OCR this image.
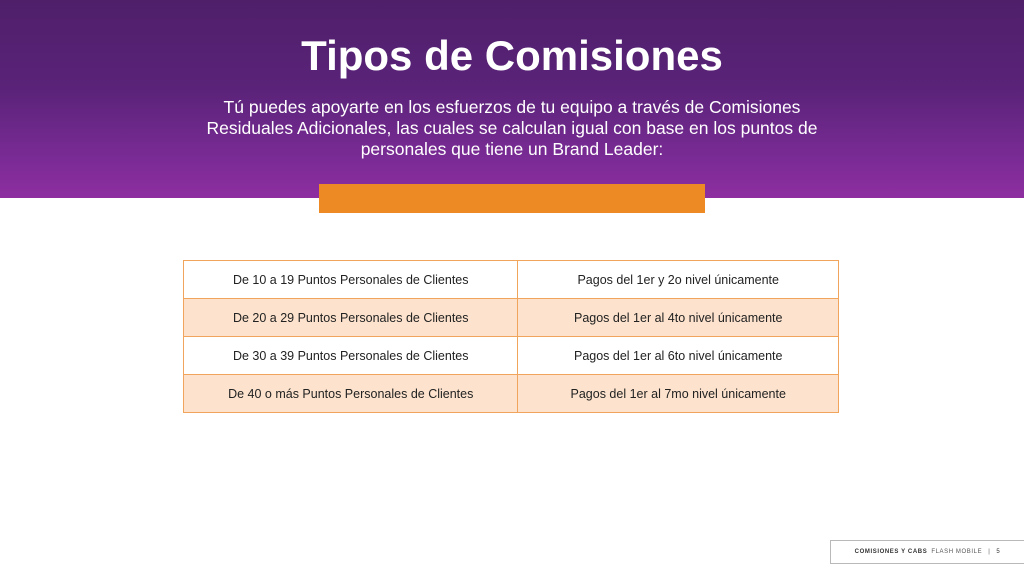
Tipos de Comisiones
Tú puedes apoyarte en los esfuerzos de tu equipo a través de Comisiones Residuales Adicionales, las cuales se calculan igual con base en los puntos de personales que tiene un Brand Leader:
De 10 a 19 Puntos Personales de Clientes	Pagos del 1er y 2o nivel únicamente
De 20 a 29 Puntos Personales de Clientes	Pagos del 1er al 4to nivel únicamente
De 30 a 39 Puntos Personales de Clientes	Pagos del 1er al 6to nivel únicamente
De 40 o más Puntos Personales de Clientes	Pagos del 1er al 7mo nivel únicamente
COMISIONES Y CABS FLASH MOBILE | 5
